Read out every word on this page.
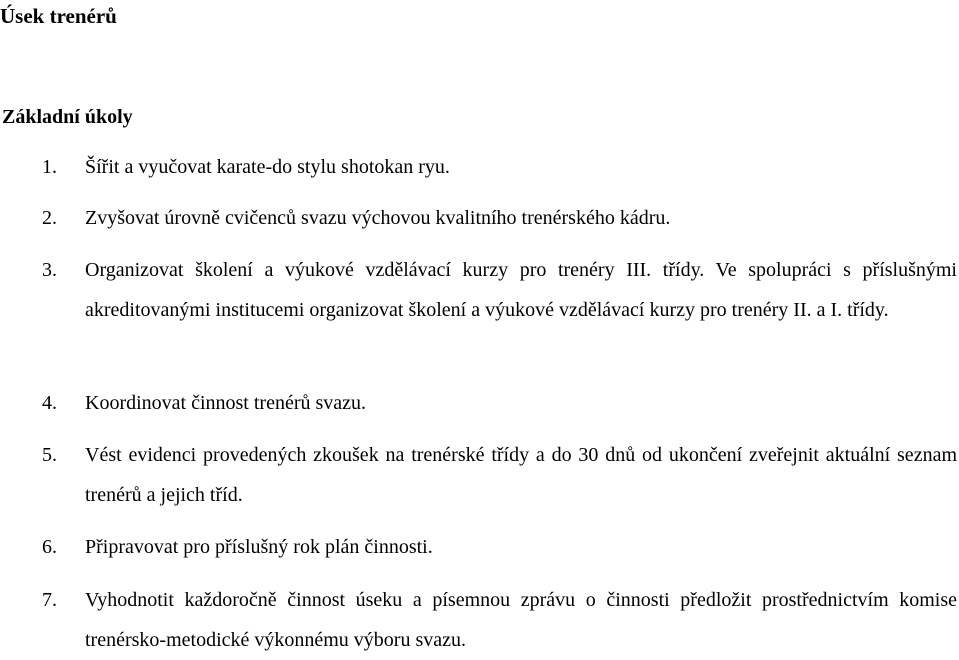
Úsek trenérů
Základní úkoly
1. Šířit a vyučovat karate-do stylu shotokan ryu.
2. Zvyšovat úrovně cvičenců svazu výchovou kvalitního trenérského kádru.
3. Organizovat školení a výukové vzdělávací kurzy pro trenéry III. třídy. Ve spolupráci s příslušnými akreditovanými institucemi organizovat školení a výukové vzdělávací kurzy pro trenéry II. a I. třídy.
4. Koordinovat činnost trenérů svazu.
5. Vést evidenci provedených zkoušek na trenérské třídy a do 30 dnů od ukončení zveřejnit aktuální seznam trenérů a jejich tříd.
6. Připravovat pro příslušný rok plán činnosti.
7. Vyhodnotit každoročně činnost úseku a písemnou zprávu o činnosti předložit prostřednictvím komise trenérsko-metodické výkonnému výboru svazu.
